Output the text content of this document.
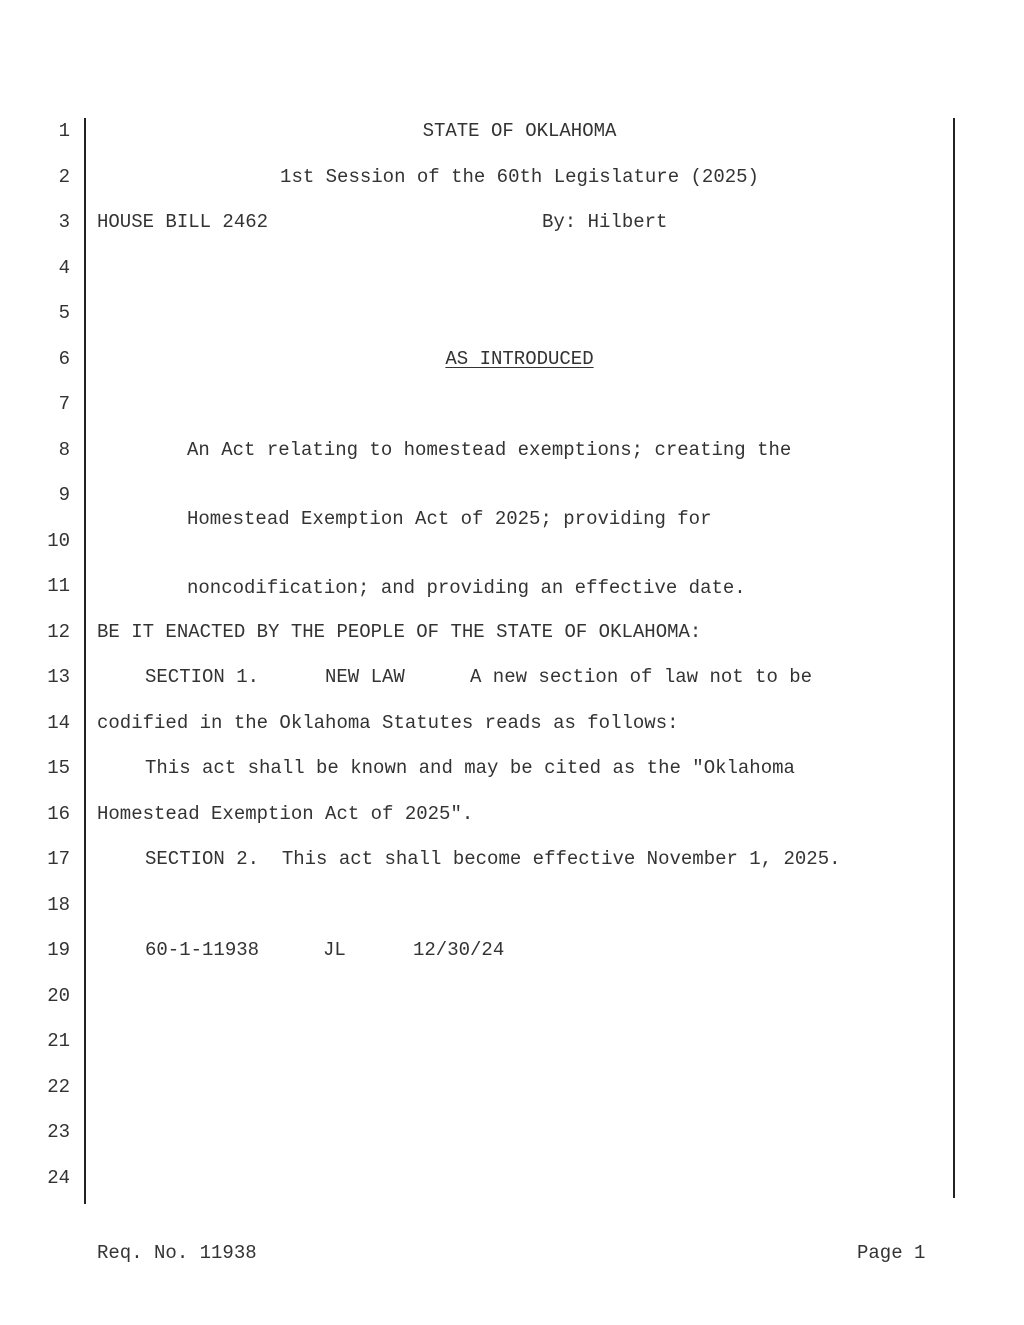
1
2
3
4
5
6
7
8
9
10
11
12
13
14
15
16
17
18
19
20
21
22
23
24
STATE OF OKLAHOMA
1st Session of the 60th Legislature (2025)
HOUSE BILL 2462	By: Hilbert
AS INTRODUCED

An Act relating to homestead exemptions; creating the

Homestead Exemption Act of 2025; providing for

noncodification; and providing an effective date.

BE IT ENACTED BY THE PEOPLE OF THE STATE OF OKLAHOMA:
SECTION 1.	NEW LAW	A new section of law not to be
codified in the Oklahoma Statutes reads as follows:
This act shall be known and may be cited as the "Oklahoma
Homestead Exemption Act of 2025".
SECTION 2.  This act shall become effective November 1, 2025.
60-1-11938	JL	12/30/24
Req. No. 11938	Page 1
